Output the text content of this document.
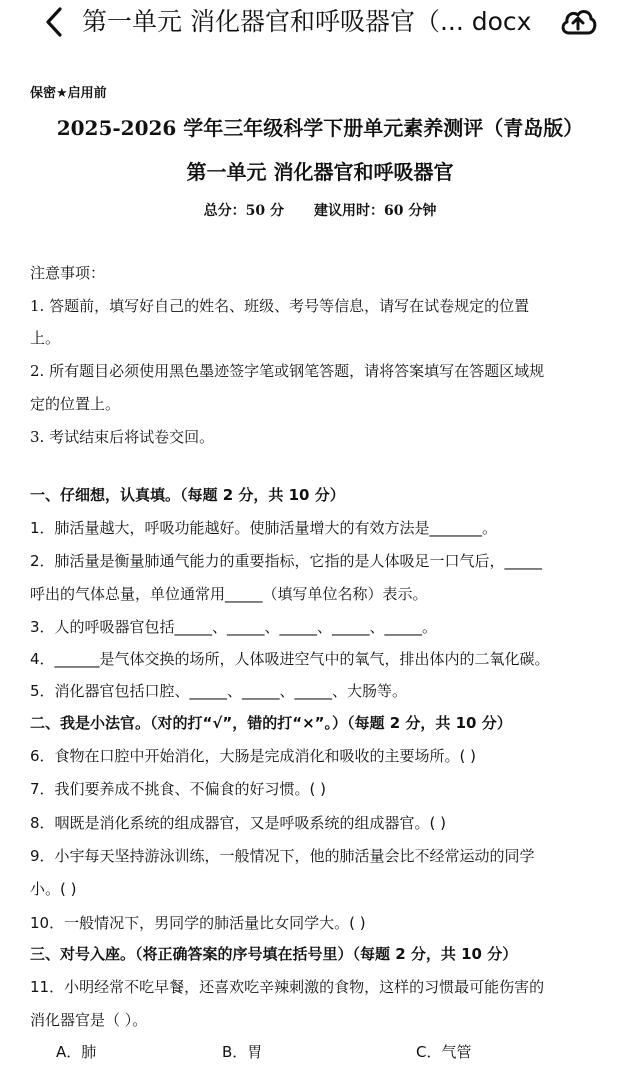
第一单元 消化器官和呼吸器官（... docx
保密★启用前
2025-2026 学年三年级科学下册单元素养测评（青岛版）
第一单元 消化器官和呼吸器官
总分：50 分 建议用时：60 分钟
注意事项：
1. 答题前，填写好自己的姓名、班级、考号等信息，请写在试卷规定的位置
上。
2. 所有题目必须使用黑色墨迹签字笔或钢笔答题，请将答案填写在答题区域规
定的位置上。
3. 考试结束后将试卷交回。
一、仔细想，认真填。（每题 2 分，共 10 分）
1．肺活量越大，呼吸功能越好。使肺活量增大的有效方法是_______。
2．肺活量是衡量肺通气能力的重要指标，它指的是人体吸足一口气后，_____
呼出的气体总量，单位通常用_____（填写单位名称）表示。
3．人的呼吸器官包括_____、_____、_____、_____、_____。
4．______是气体交换的场所，人体吸进空气中的氧气，排出体内的二氧化碳。
5．消化器官包括口腔、_____、_____、_____、大肠等。
二、我是小法官。（对的打“√”，错的打“×”。）（每题 2 分，共 10 分）
6．食物在口腔中开始消化，大肠是完成消化和吸收的主要场所。( )
7．我们要养成不挑食、不偏食的好习惯。( )
8．咽既是消化系统的组成器官，又是呼吸系统的组成器官。( )
9．小宇每天坚持游泳训练，一般情况下，他的肺活量会比不经常运动的同学
小。( )
10．一般情况下，男同学的肺活量比女同学大。( )
三、对号入座。（将正确答案的序号填在括号里）（每题 2 分，共 10 分）
11．小明经常不吃早餐，还喜欢吃辛辣刺激的食物，这样的习惯最可能伤害的
消化器官是（ ）。
A．肺	B．胃	C．气管
